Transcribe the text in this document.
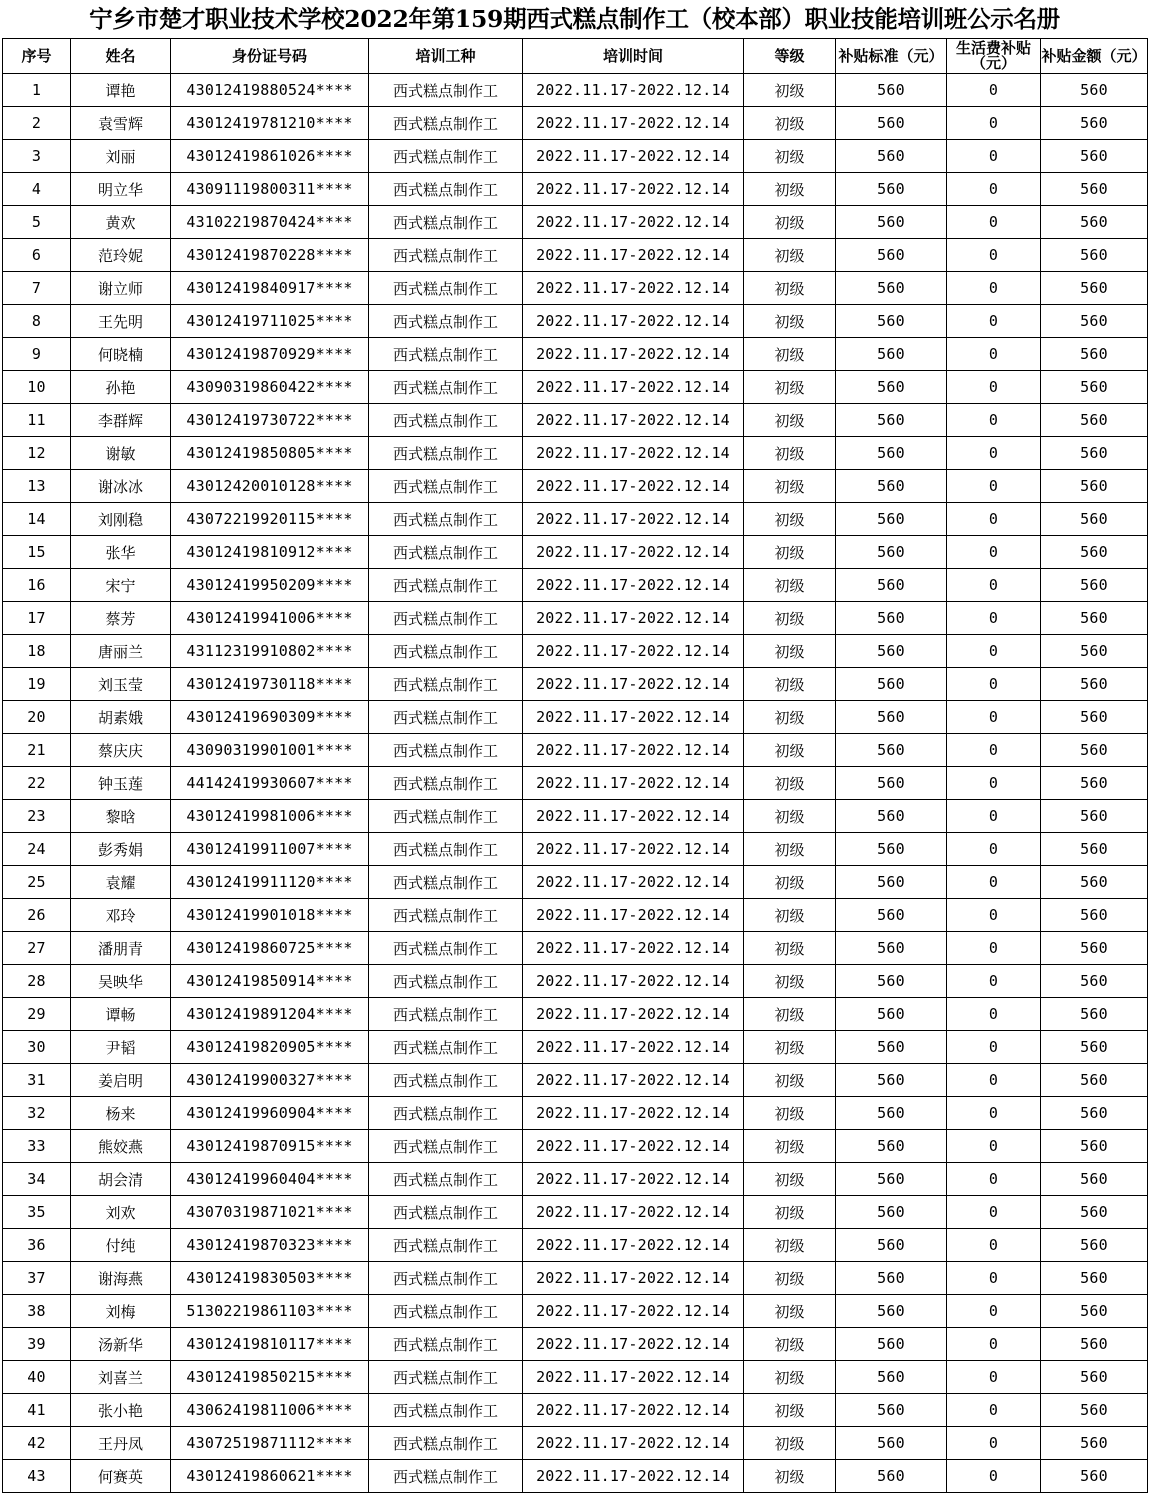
宁乡市楚才职业技术学校2022年第159期西式糕点制作工（校本部）职业技能培训班公示名册
序号	姓名	身份证号码	培训工种	培训时间	等级	补贴标准（元）	生活费补贴（元）	补贴金额（元）
1	谭艳	43012419880524****	西式糕点制作工	2022.11.17-2022.12.14	初级	560	0	560
2	袁雪辉	43012419781210****	西式糕点制作工	2022.11.17-2022.12.14	初级	560	0	560
3	刘丽	43012419861026****	西式糕点制作工	2022.11.17-2022.12.14	初级	560	0	560
4	明立华	43091119800311****	西式糕点制作工	2022.11.17-2022.12.14	初级	560	0	560
5	黄欢	43102219870424****	西式糕点制作工	2022.11.17-2022.12.14	初级	560	0	560
6	范玲妮	43012419870228****	西式糕点制作工	2022.11.17-2022.12.14	初级	560	0	560
7	谢立师	43012419840917****	西式糕点制作工	2022.11.17-2022.12.14	初级	560	0	560
8	王先明	43012419711025****	西式糕点制作工	2022.11.17-2022.12.14	初级	560	0	560
9	何晓楠	43012419870929****	西式糕点制作工	2022.11.17-2022.12.14	初级	560	0	560
10	孙艳	43090319860422****	西式糕点制作工	2022.11.17-2022.12.14	初级	560	0	560
11	李群辉	43012419730722****	西式糕点制作工	2022.11.17-2022.12.14	初级	560	0	560
12	谢敏	43012419850805****	西式糕点制作工	2022.11.17-2022.12.14	初级	560	0	560
13	谢冰冰	43012420010128****	西式糕点制作工	2022.11.17-2022.12.14	初级	560	0	560
14	刘刚稳	43072219920115****	西式糕点制作工	2022.11.17-2022.12.14	初级	560	0	560
15	张华	43012419810912****	西式糕点制作工	2022.11.17-2022.12.14	初级	560	0	560
16	宋宁	43012419950209****	西式糕点制作工	2022.11.17-2022.12.14	初级	560	0	560
17	蔡芳	43012419941006****	西式糕点制作工	2022.11.17-2022.12.14	初级	560	0	560
18	唐丽兰	43112319910802****	西式糕点制作工	2022.11.17-2022.12.14	初级	560	0	560
19	刘玉莹	43012419730118****	西式糕点制作工	2022.11.17-2022.12.14	初级	560	0	560
20	胡素娥	43012419690309****	西式糕点制作工	2022.11.17-2022.12.14	初级	560	0	560
21	蔡庆庆	43090319901001****	西式糕点制作工	2022.11.17-2022.12.14	初级	560	0	560
22	钟玉莲	44142419930607****	西式糕点制作工	2022.11.17-2022.12.14	初级	560	0	560
23	黎晗	43012419981006****	西式糕点制作工	2022.11.17-2022.12.14	初级	560	0	560
24	彭秀娟	43012419911007****	西式糕点制作工	2022.11.17-2022.12.14	初级	560	0	560
25	袁耀	43012419911120****	西式糕点制作工	2022.11.17-2022.12.14	初级	560	0	560
26	邓玲	43012419901018****	西式糕点制作工	2022.11.17-2022.12.14	初级	560	0	560
27	潘朋青	43012419860725****	西式糕点制作工	2022.11.17-2022.12.14	初级	560	0	560
28	吴映华	43012419850914****	西式糕点制作工	2022.11.17-2022.12.14	初级	560	0	560
29	谭畅	43012419891204****	西式糕点制作工	2022.11.17-2022.12.14	初级	560	0	560
30	尹韬	43012419820905****	西式糕点制作工	2022.11.17-2022.12.14	初级	560	0	560
31	姜启明	43012419900327****	西式糕点制作工	2022.11.17-2022.12.14	初级	560	0	560
32	杨来	43012419960904****	西式糕点制作工	2022.11.17-2022.12.14	初级	560	0	560
33	熊姣燕	43012419870915****	西式糕点制作工	2022.11.17-2022.12.14	初级	560	0	560
34	胡会清	43012419960404****	西式糕点制作工	2022.11.17-2022.12.14	初级	560	0	560
35	刘欢	43070319871021****	西式糕点制作工	2022.11.17-2022.12.14	初级	560	0	560
36	付纯	43012419870323****	西式糕点制作工	2022.11.17-2022.12.14	初级	560	0	560
37	谢海燕	43012419830503****	西式糕点制作工	2022.11.17-2022.12.14	初级	560	0	560
38	刘梅	51302219861103****	西式糕点制作工	2022.11.17-2022.12.14	初级	560	0	560
39	汤新华	43012419810117****	西式糕点制作工	2022.11.17-2022.12.14	初级	560	0	560
40	刘喜兰	43012419850215****	西式糕点制作工	2022.11.17-2022.12.14	初级	560	0	560
41	张小艳	43062419811006****	西式糕点制作工	2022.11.17-2022.12.14	初级	560	0	560
42	王丹凤	43072519871112****	西式糕点制作工	2022.11.17-2022.12.14	初级	560	0	560
43	何赛英	43012419860621****	西式糕点制作工	2022.11.17-2022.12.14	初级	560	0	560
